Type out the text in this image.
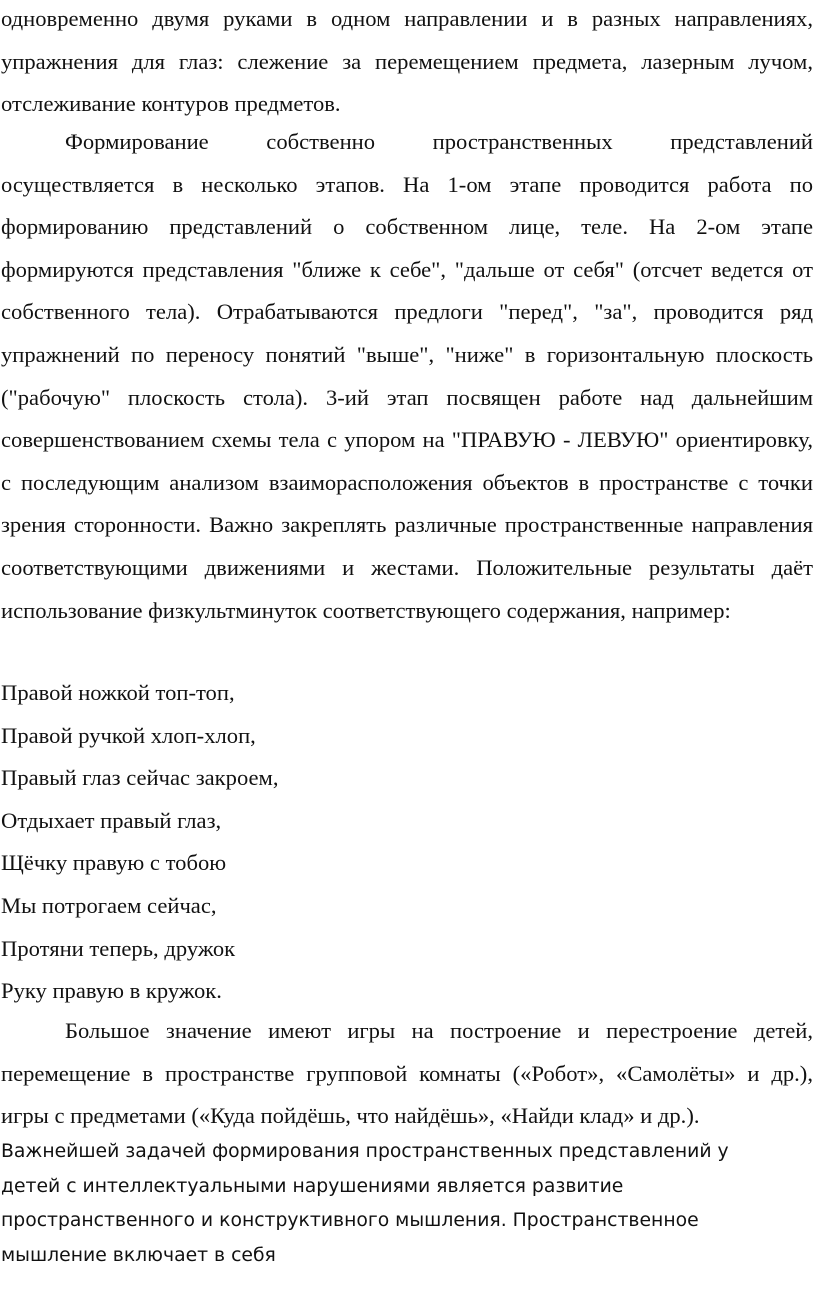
одновременно двумя руками в одном направлении и в разных направлениях, упражнения для глаз: слежение за перемещением предмета, лазерным лучом, отслеживание контуров предметов.

Формирование собственно пространственных представлений осуществляется в несколько этапов. На 1-ом этапе проводится работа по формированию представлений о собственном лице, теле. На 2-ом этапе формируются представления "ближе к себе", "дальше от себя" (отсчет ведется от собственного тела). Отрабатываются предлоги "перед", "за", проводится ряд упражнений по переносу понятий "выше", "ниже" в горизонтальную плоскость ("рабочую" плоскость стола). 3-ий этап посвящен работе над дальнейшим совершенствованием схемы тела с упором на "ПРАВУЮ - ЛЕВУЮ" ориентировку, с последующим анализом взаиморасположения объектов в пространстве с точки зрения сторонности. Важно закреплять различные пространственные направления соответствующими движениями и жестами. Положительные результаты даёт использование физкультминуток соответствующего содержания, например:

Правой ножкой топ-топ,
Правой ручкой хлоп-хлоп,
Правый глаз сейчас закроем,
Отдыхает правый глаз,
Щёчку правую с тобою
Мы потрогаем сейчас,
Протяни теперь, дружок
Руку правую в кружок.

Большое значение имеют игры на построение и перестроение детей, перемещение в пространстве групповой комнаты («Робот», «Самолёты» и др.), игры с предметами («Куда пойдёшь, что найдёшь», «Найди клад» и др.).

Важнейшей задачей формирования пространственных представлений у детей с интеллектуальными нарушениями является развитие пространственного и конструктивного мышления. Пространственное мышление включает в себя
